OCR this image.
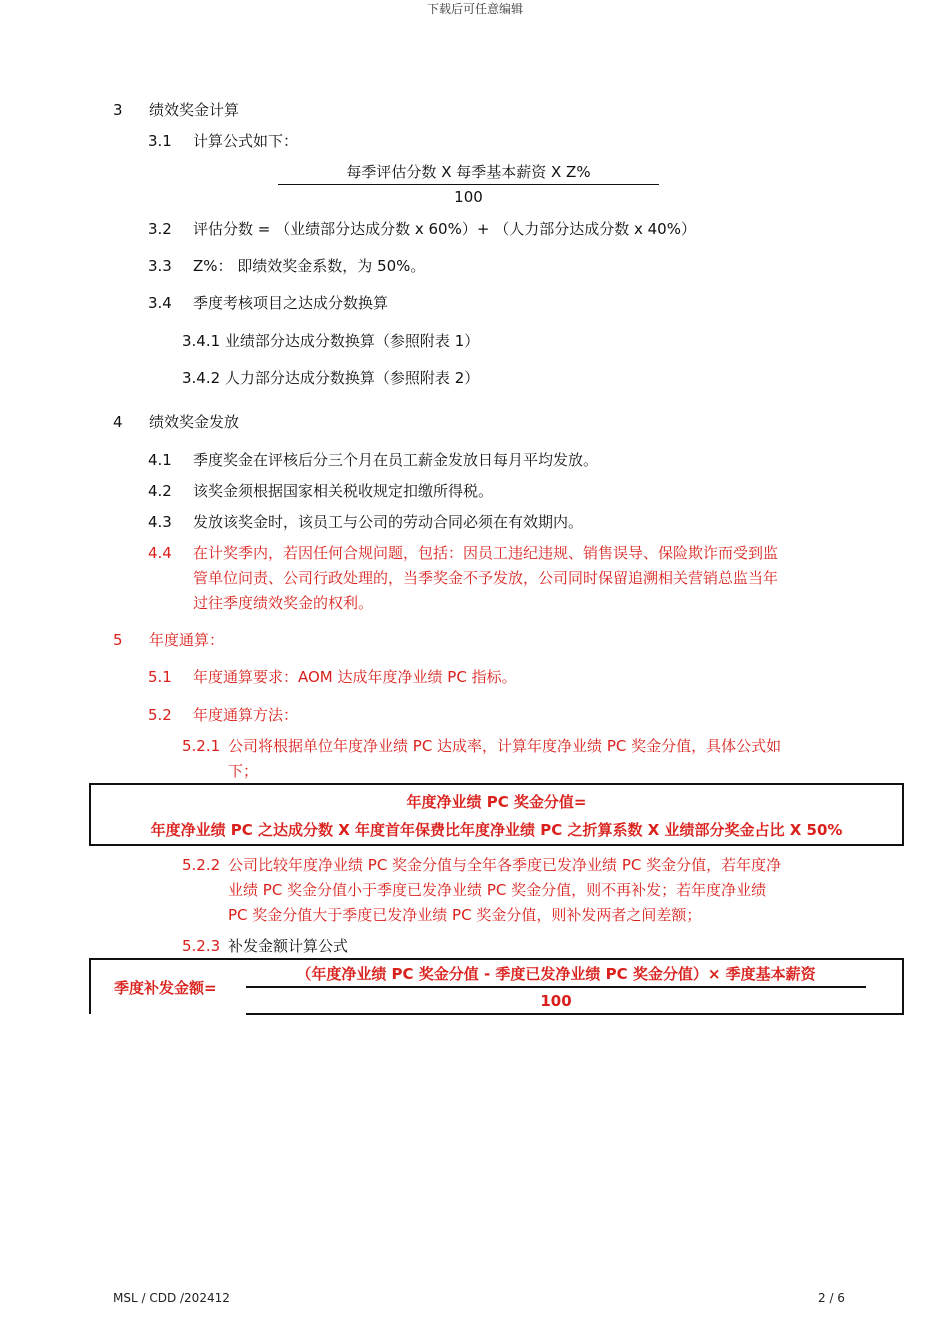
下载后可任意编辑
3 绩效奖金计算
3.1 计算公式如下：
每季评估分数 X 每季基本薪资 X Z%
100
3.2 评估分数 = （业绩部分达成分数 x 60%）+ （人力部分达成分数 x 40%）
3.3 Z%： 即绩效奖金系数，为 50%。
3.4 季度考核项目之达成分数换算
3.4.1 业绩部分达成分数换算（参照附表 1）
3.4.2 人力部分达成分数换算（参照附表 2）
4 绩效奖金发放
4.1 季度奖金在评核后分三个月在员工薪金发放日每月平均发放。
4.2 该奖金须根据国家相关税收规定扣缴所得税。
4.3 发放该奖金时，该员工与公司的劳动合同必须在有效期内。
4.4 在计奖季内，若因任何合规问题，包括：因员工违纪违规、销售误导、保险欺诈而受到监
管单位问责、公司行政处理的，当季奖金不予发放，公司同时保留追溯相关营销总监当年
过往季度绩效奖金的权利。
5 年度通算：
5.1 年度通算要求：AOM 达成年度净业绩 PC 指标。
5.2 年度通算方法：
5.2.1 公司将根据单位年度净业绩 PC 达成率，计算年度净业绩 PC 奖金分值，具体公式如
下；
年度净业绩 PC 奖金分值=
年度净业绩 PC 之达成分数 X 年度首年保费比年度净业绩 PC 之折算系数 X 业绩部分奖金占比 X 50%
5.2.2 公司比较年度净业绩 PC 奖金分值与全年各季度已发净业绩 PC 奖金分值，若年度净
业绩 PC 奖金分值小于季度已发净业绩 PC 奖金分值，则不再补发；若年度净业绩
PC 奖金分值大于季度已发净业绩 PC 奖金分值，则补发两者之间差额；
5.2.3 补发金额计算公式
季度补发金额=
（年度净业绩 PC 奖金分值 - 季度已发净业绩 PC 奖金分值）× 季度基本薪资
100
MSL / CDD /202412	2 / 6
